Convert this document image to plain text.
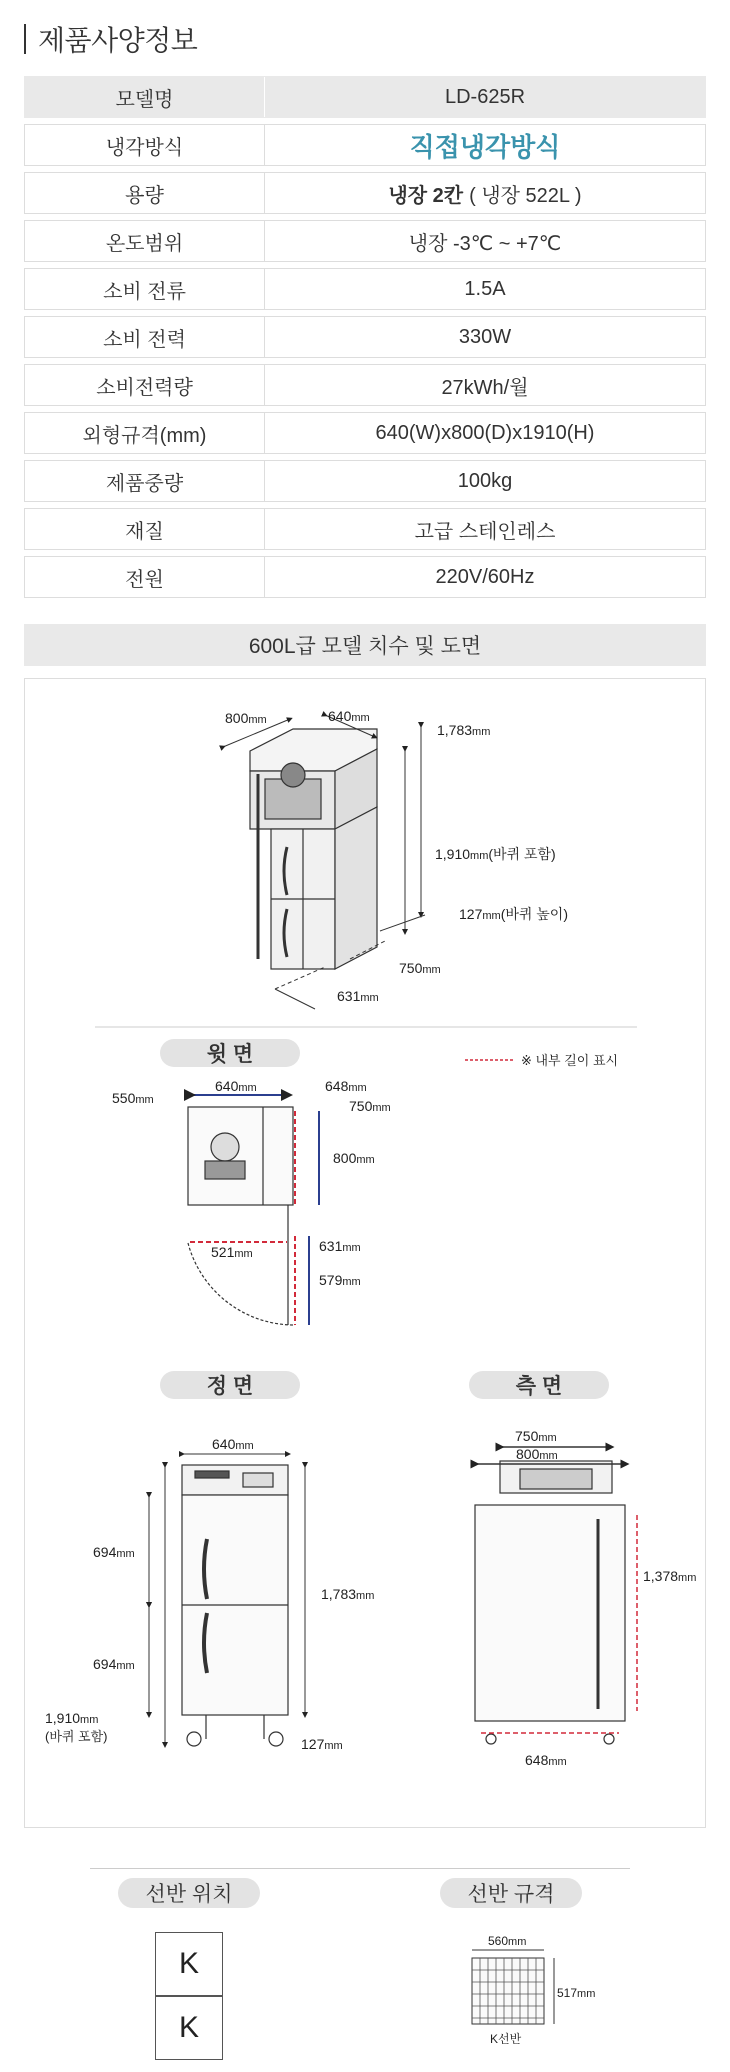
제품사양정보
모델명	LD-625R
냉각방식	직접냉각방식
용량	냉장 2칸 ( 냉장 522L )
온도범위	냉장 -3℃ ~ +7℃
소비 전류	1.5A
소비 전력	330W
소비전력량	27kWh/월
외형규격(mm)	640(W)x800(D)x1910(H)
제품중량	100kg
재질	고급 스테인레스
전원	220V/60Hz
600L급 모델 치수 및 도면
800mm	640mm
1,783mm
1,910mm(바퀴 포함)
127mm(바퀴 높이)
750mm
631mm
640mm	648mm
750mm
800mm
550mm
521mm	631mm
579mm
※ 내부 길이 표시
640mm
694mm
694mm
1,783mm
1,910mm
(바퀴 포함)	127mm
750mm
800mm
1,378mm
648mm
윗 면
정 면	측 면
선반 위치	선반 규격
K
K
560mm
517mm
K선반
